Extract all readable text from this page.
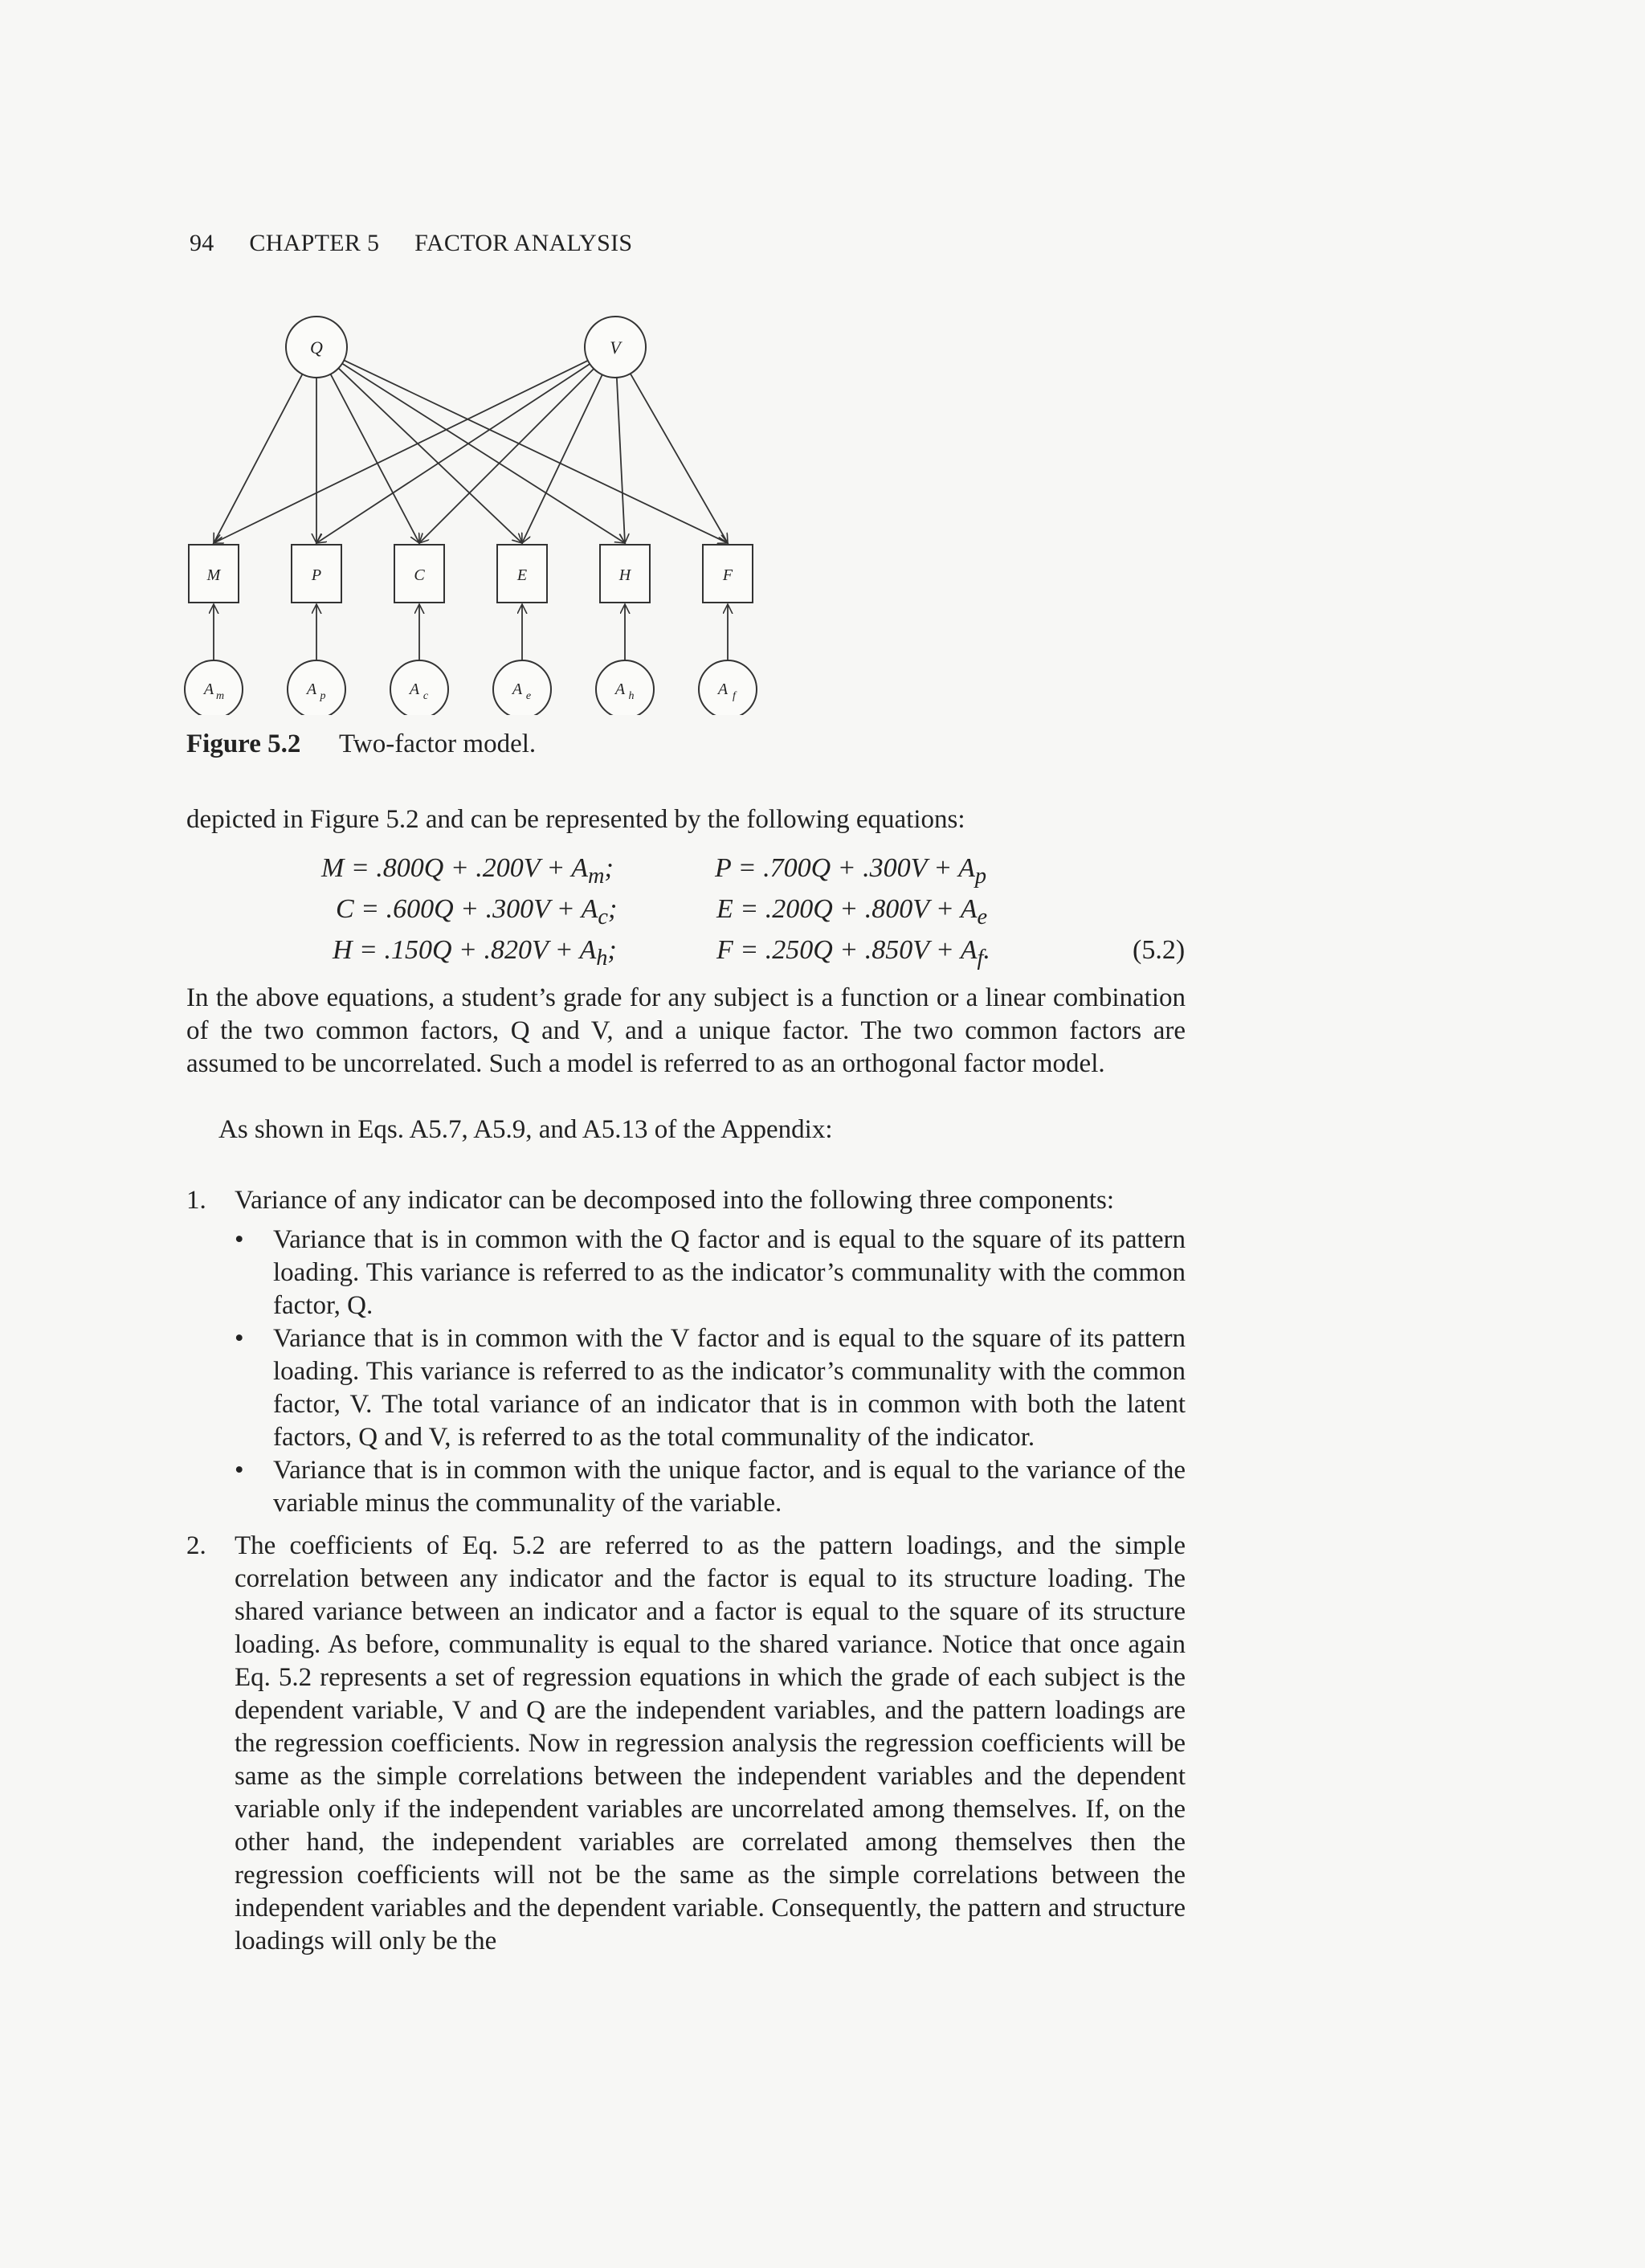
94 CHAPTER 5 FACTOR ANALYSIS
Q	V
M
A m
P
A p
C
A c
E
A e
H
A h
F
A f
Figure 5.2 Two-factor model.
depicted in Figure 5.2 and can be represented by the following equations:
$M = .800Q + .200V + A_m$;	$P = .700Q + .300V + A_p$
$C = .600Q + .300V + A_c$;	$E = .200Q + .800V + A_e$
$H = .150Q + .820V + A_h$;	$F = .250Q + .850V + A_f$.	(5.2)
In the above equations, a student’s grade for any subject is a function or a linear combination of the two common factors, Q and V, and a unique factor. The two common factors are assumed to be uncorrelated. Such a model is referred to as an orthogonal factor model.
As shown in Eqs. A5.7, A5.9, and A5.13 of the Appendix:
1. Variance of any indicator can be decomposed into the following three components:
• Variance that is in common with the Q factor and is equal to the square of its pattern loading. This variance is referred to as the indicator’s communality with the common factor, Q.
• Variance that is in common with the V factor and is equal to the square of its pattern loading. This variance is referred to as the indicator’s communality with the common factor, V. The total variance of an indicator that is in common with both the latent factors, Q and V, is referred to as the total communality of the indicator.
• Variance that is in common with the unique factor, and is equal to the variance of the variable minus the communality of the variable.
2. The coefficients of Eq. 5.2 are referred to as the pattern loadings, and the simple correlation between any indicator and the factor is equal to its structure loading. The shared variance between an indicator and a factor is equal to the square of its structure loading. As before, communality is equal to the shared variance. Notice that once again Eq. 5.2 represents a set of regression equations in which the grade of each subject is the dependent variable, V and Q are the independent variables, and the pattern loadings are the regression coefficients. Now in regression analysis the regression coefficients will be same as the simple correlations between the independent variables and the dependent variable only if the independent variables are uncorrelated among themselves. If, on the other hand, the independent variables are correlated among themselves then the regression coefficients will not be the same as the simple correlations between the independent variables and the dependent variable. Consequently, the pattern and structure loadings will only be the
